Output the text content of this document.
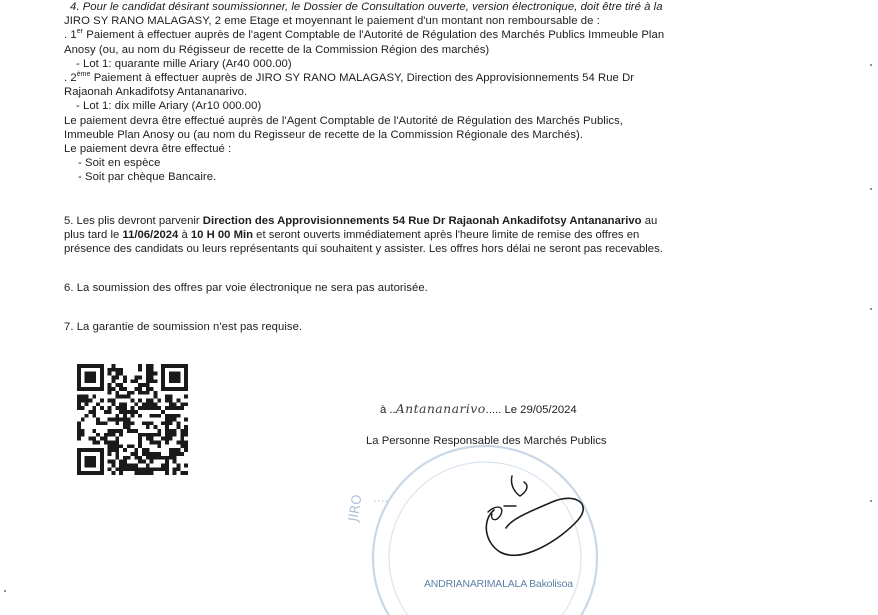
4. Pour le candidat désirant soumissionner, le Dossier de Consultation ouverte, version électronique, doit être tiré à la
JIRO SY RANO MALAGASY, 2 eme Etage et moyennant le paiement d'un montant non remboursable de :
. 1er Paiement à effectuer auprès de l'agent Comptable de l'Autorité de Régulation des Marchés Publics Immeuble Plan
Anosy (ou, au nom du Régisseur de recette de la Commission Région des marchés)
- Lot 1: quarante mille Ariary (Ar40 000.00)
. 2ème Paiement à effectuer auprès de JIRO SY RANO MALAGASY, Direction des Approvisionnements 54 Rue Dr
Rajaonah Ankadifotsy Antananarivo.
- Lot 1: dix mille Ariary (Ar10 000.00)
Le paiement devra être effectué auprès de l'Agent Comptable de l'Autorité de Régulation des Marchés Publics,
Immeuble Plan Anosy ou (au nom du Regisseur de recette de la Commission Régionale des Marchés).
Le paiement devra être effectué :
- Soit en espèce
- Soit par chèque Bancaire.
5. Les plis devront parvenir Direction des Approvisionnements 54 Rue Dr Rajaonah Ankadifotsy Antananarivo au
plus tard le 11/06/2024 à 10 H 00 Min et seront ouverts immédiatement après l'heure limite de remise des offres en
présence des candidats ou leurs représentants qui souhaitent y assister. Les offres hors délai ne seront pas recevables.
6. La soumission des offres par voie électronique ne sera pas autorisée.
7. La garantie de soumission n'est pas requise.
JIRO ....
à ..Antananarivo..... Le 29/05/2024
La Personne Responsable des Marchés Publics
ANDRIANARIMALALA Bakolisoa
